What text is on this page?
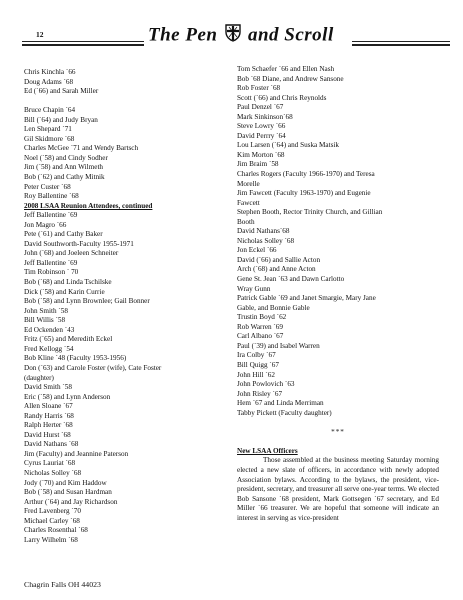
12	The Pen and Scroll
Chris Kinchla `66
Doug Adams `68
Ed (`66) and Sarah Miller
Bruce Chapin `64
Bill (`64) and Judy Bryan
Len Shepard `71
Gil Skidmore `68
Charles McGee `71 and Wendy Bartsch
Noel (`58) and Cindy Sodher
Jim (`58) and Ann Wilmeth
Bob (`62) and Cathy Mitnik
Peter Custer `68
Roy Ballentine `68
2008 LSAA Reunion Attendees, continued
Jeff Ballentine `69
Jon Magro `66
Pete (`61) and Cathy Baker
David Southworth-Faculty 1955-1971
John (`68) and Joeleen Schneiter
Jeff Ballentine `69
Tim Robinson ` 70
Bob (`68) and Linda Tschilske
Dick (`58) and Karin Currie
Bob (`58) and Lynn Brownlee; Gail Bonner
John Smith `58
Bill Willis `58
Ed Ockenden `43
Fritz (`65) and Meredith Eckel
Fred Kellogg `54
Bob Kline `48 (Faculty 1953-1956)
Don (`63) and Carole Foster (wife), Cate Foster
(daughter)
David Smith `58
Eric (`58) and Lynn Anderson
Allen Sloane `67
Randy Harris `68
Ralph Herter `68
David Hurst `68
David Nathans `68
Jim (Faculty) and Jeannine Paterson
Cyrus Lauriat `68
Nicholas Solley `68
Jody (`70) and Kim Haddow
Bob (`58) and Susan Hardman
Arthur (`64) and Jay Richardson
Fred Lavenberg `70
Michael Carley `68
Charles Rosenthal `68
Larry Wilhelm `68
Tom Schaefer `66 and Ellen Nash
Bob `68 Diane, and Andrew Sansone
Rob Foster `68
Scott (`66) and Chris Reynolds
Paul Denzel `67
Mark Sinkinson`68
Steve Lowry `66
David Perrry `64
Lou Larsen (`64) and Suska Matsik
Kim Morton `68
Jim Braim `58
Charles Rogers (Faculty 1966-1970) and Teresa
Morelle
Jim Fawcett (Faculty 1963-1970) and Eugenie
Fawcett
Stephen Booth, Rector Trinity Church, and Gillian
Booth
David Nathans`68
Nicholas Solley `68
Jon Eckel `66
David (`66) and Sallie Acton
Arch (`68) and Anne Acton
Gene St. Jean `63 and Dawn Carlotto
Wray Gunn
Patrick Gable `69 and Janet Smargie, Mary Jane
Gable, and Bonnie Gable
Trustin Boyd `62
Rob Warren `69
Carl Albano `67
Paul (`39) and Isabel Warren
Ira Colby `67
Bill Quigg `67
John Hill `62
John Powlovich `63
John Risley `67
Hem `67 and Linda Merriman
Tabby Pickett (Faculty daughter)
***
New LSAA Officers
Those assembled at the business meeting Saturday morning elected a new slate of officers, in accordance with newly adopted Association bylaws. According to the bylaws, the president, vice-president, secretary, and treasurer all serve one-year terms. We elected Bob Sansone `68 president, Mark Gottsegen `67 secretary, and Ed Miller `66 treasurer. We are hopeful that someone will indicate an interest in serving as vice-president
Chagrin Falls OH 44023
